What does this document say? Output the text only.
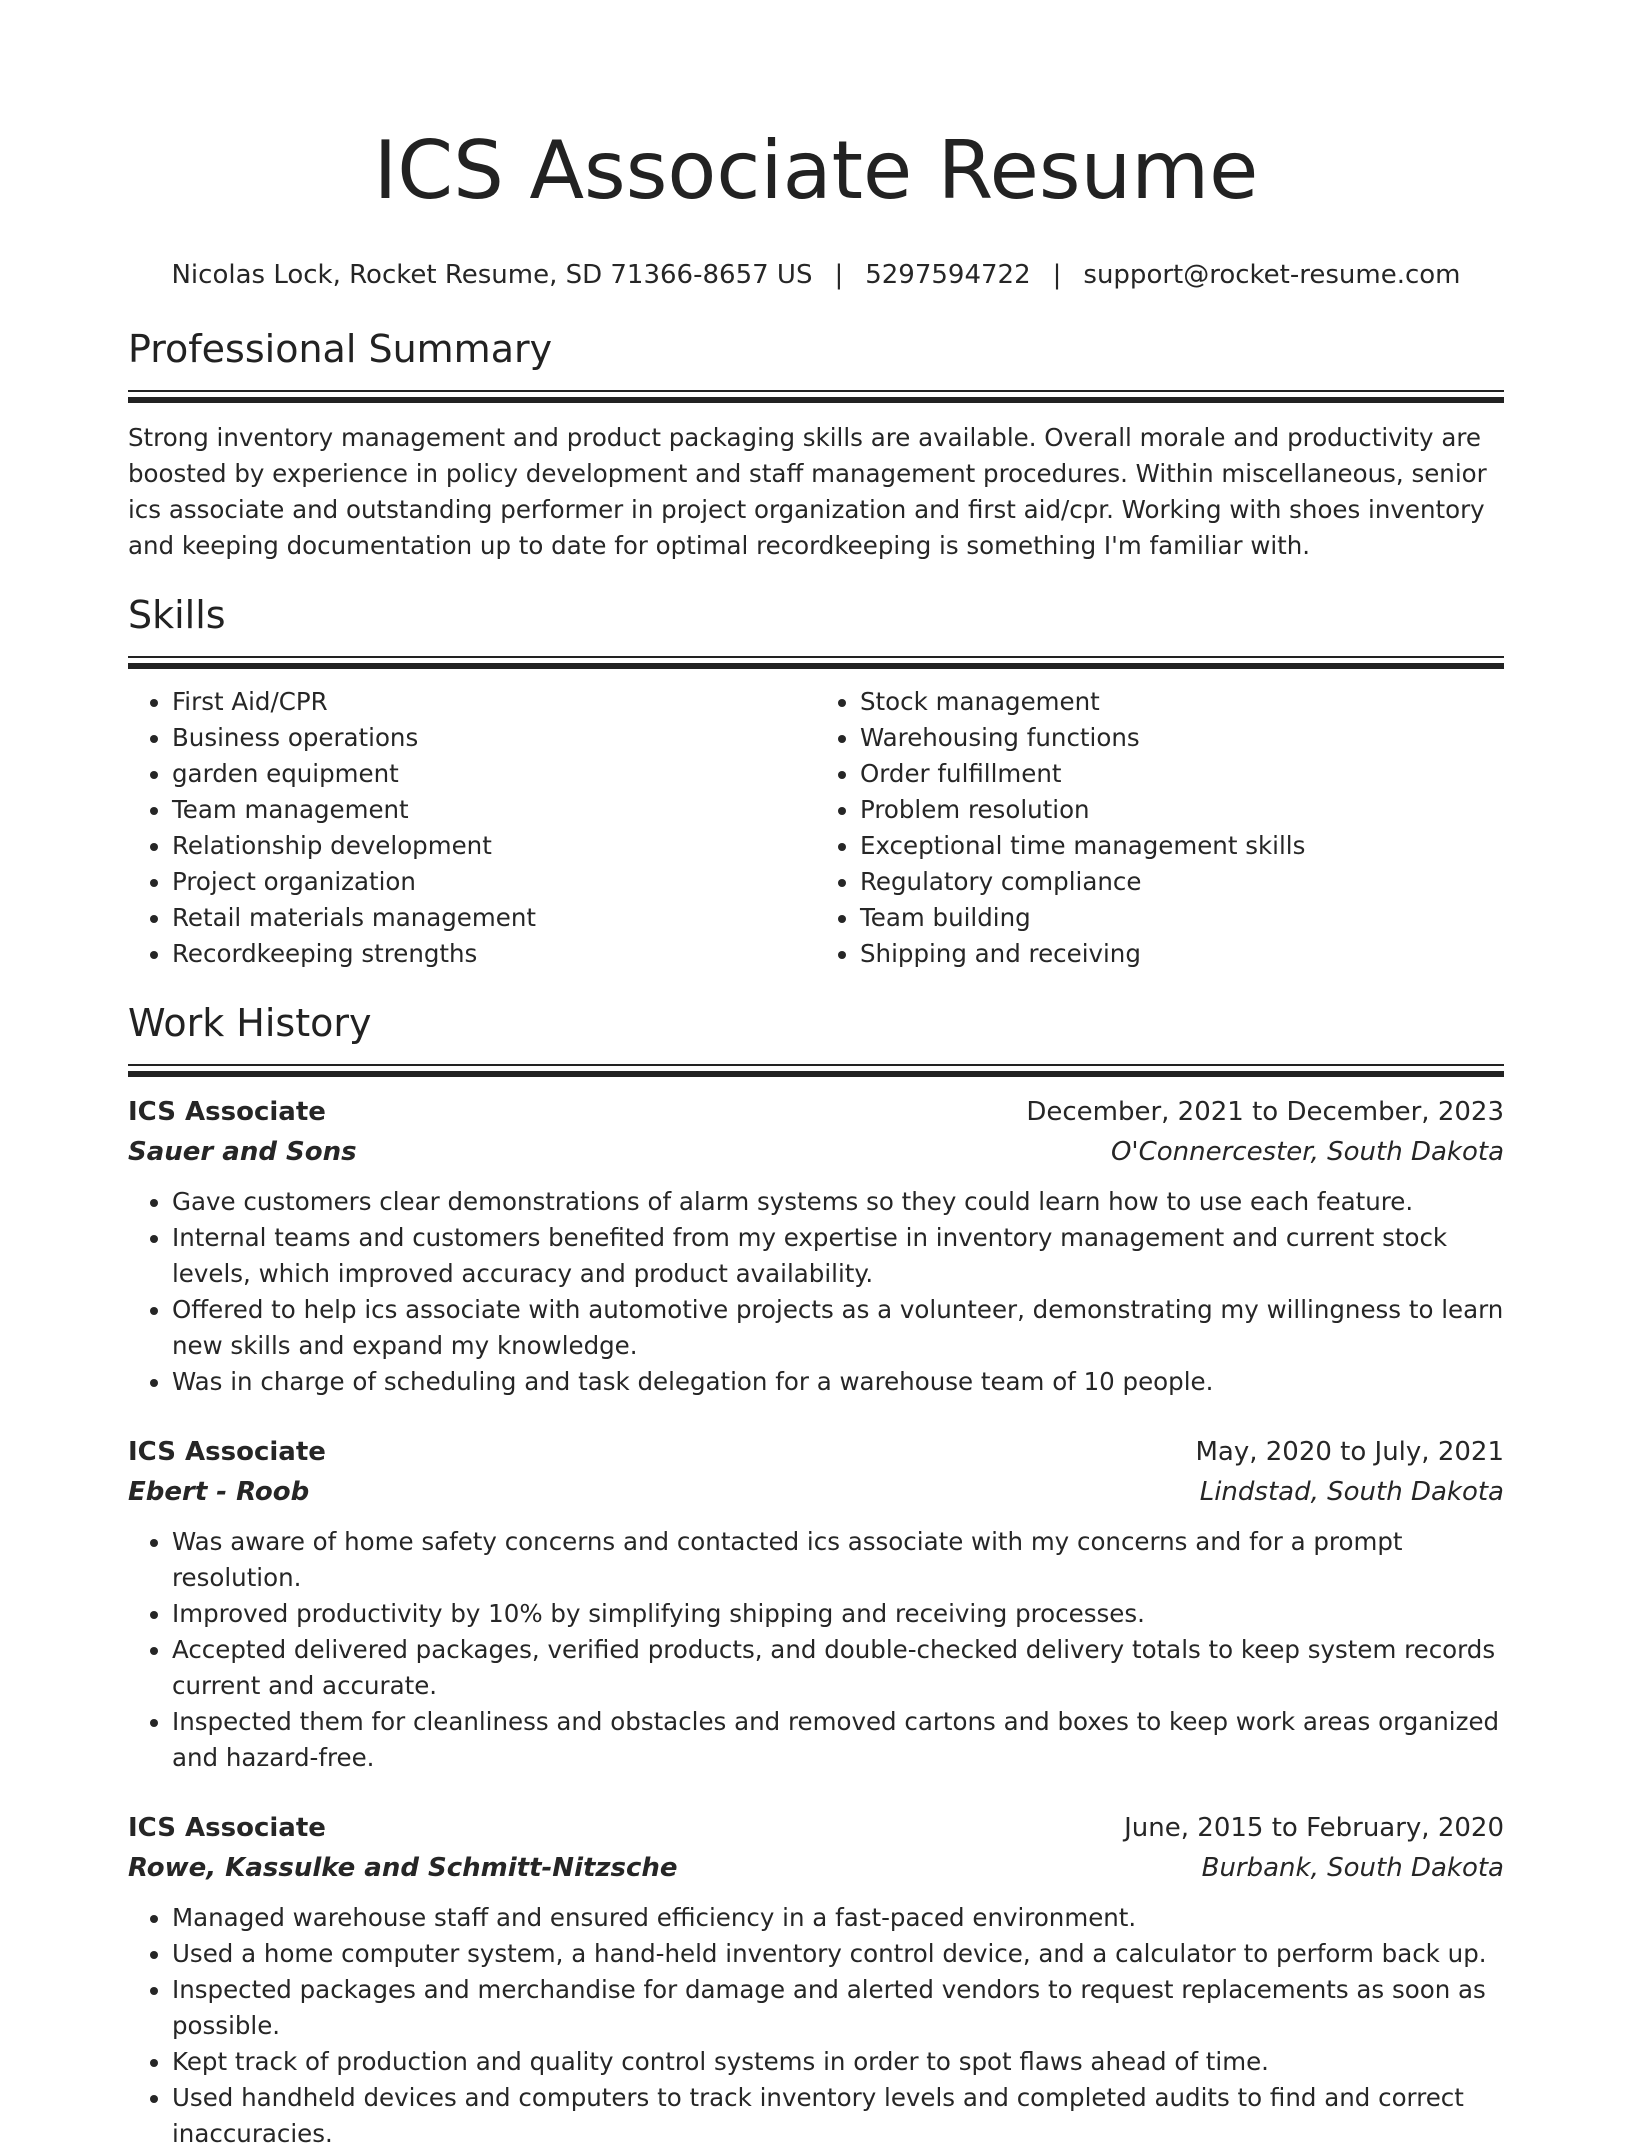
ICS Associate Resume
Nicolas Lock, Rocket Resume, SD 71366-8657 US | 5297594722 | support@rocket-resume.com
Professional Summary

Strong inventory management and product packaging skills are available. Overall morale and productivity are boosted by experience in policy development and staff management procedures. Within miscellaneous, senior ics associate and outstanding performer in project organization and first aid/cpr. Working with shoes inventory and keeping documentation up to date for optimal recordkeeping is something I'm familiar with.

Skills
• First Aid/CPR
• Business operations
• garden equipment
• Team management
• Relationship development
• Project organization
• Retail materials management
• Recordkeeping strengths
• Stock management
• Warehousing functions
• Order fulfillment
• Problem resolution
• Exceptional time management skills
• Regulatory compliance
• Team building
• Shipping and receiving
Work History
ICS Associate	December, 2021 to December, 2023
Sauer and Sons	O'Connercester, South Dakota
• Gave customers clear demonstrations of alarm systems so they could learn how to use each feature.
• Internal teams and customers benefited from my expertise in inventory management and current stock levels, which improved accuracy and product availability.
• Offered to help ics associate with automotive projects as a volunteer, demonstrating my willingness to learn new skills and expand my knowledge.
• Was in charge of scheduling and task delegation for a warehouse team of 10 people.
ICS Associate	May, 2020 to July, 2021
Ebert - Roob	Lindstad, South Dakota
• Was aware of home safety concerns and contacted ics associate with my concerns and for a prompt resolution.
• Improved productivity by 10% by simplifying shipping and receiving processes.
• Accepted delivered packages, verified products, and double-checked delivery totals to keep system records current and accurate.
• Inspected them for cleanliness and obstacles and removed cartons and boxes to keep work areas organized and hazard-free.
ICS Associate	June, 2015 to February, 2020
Rowe, Kassulke and Schmitt-Nitzsche	Burbank, South Dakota
• Managed warehouse staff and ensured efficiency in a fast-paced environment.
• Used a home computer system, a hand-held inventory control device, and a calculator to perform back up.
• Inspected packages and merchandise for damage and alerted vendors to request replacements as soon as possible.
• Kept track of production and quality control systems in order to spot flaws ahead of time.
• Used handheld devices and computers to track inventory levels and completed audits to find and correct inaccuracies.
